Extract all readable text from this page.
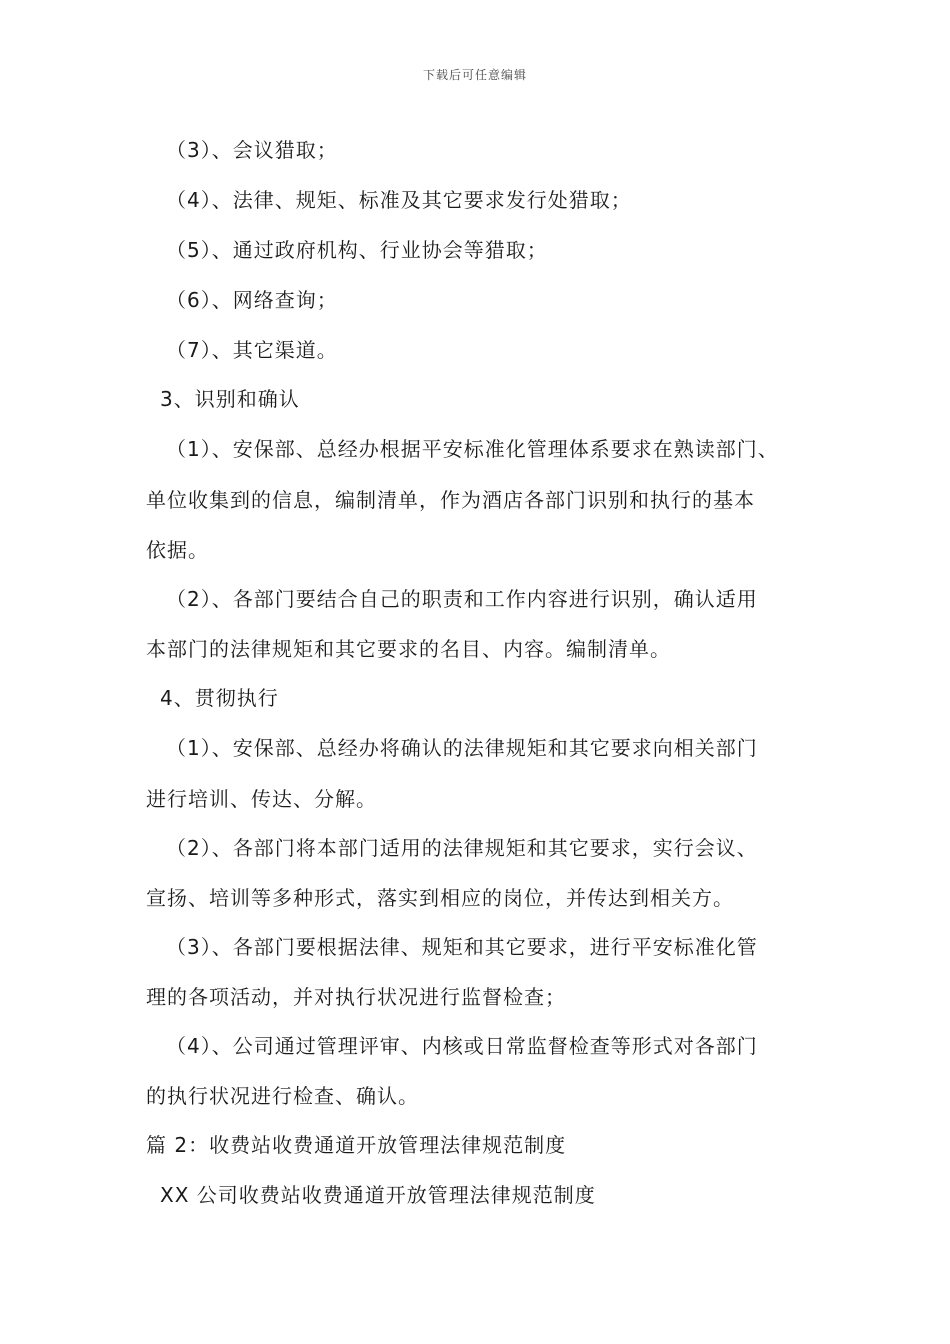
下载后可任意编辑
（3）、会议猎取；
（4）、法律、规矩、标准及其它要求发行处猎取；
（5）、通过政府机构、行业协会等猎取；
（6）、网络查询；
（7）、其它渠道。
3、识别和确认
（1）、安保部、总经办根据平安标准化管理体系要求在熟读部门、
单位收集到的信息，编制清单，作为酒店各部门识别和执行的基本
依据。
（2）、各部门要结合自己的职责和工作内容进行识别，确认适用
本部门的法律规矩和其它要求的名目、内容。编制清单。
4、贯彻执行
（1）、安保部、总经办将确认的法律规矩和其它要求向相关部门
进行培训、传达、分解。
（2）、各部门将本部门适用的法律规矩和其它要求，实行会议、
宣扬、培训等多种形式，落实到相应的岗位，并传达到相关方。
（3）、各部门要根据法律、规矩和其它要求，进行平安标准化管
理的各项活动，并对执行状况进行监督检查；
（4）、公司通过管理评审、内核或日常监督检查等形式对各部门
的执行状况进行检查、确认。
篇 2：收费站收费通道开放管理法律规范制度
XX 公司收费站收费通道开放管理法律规范制度
